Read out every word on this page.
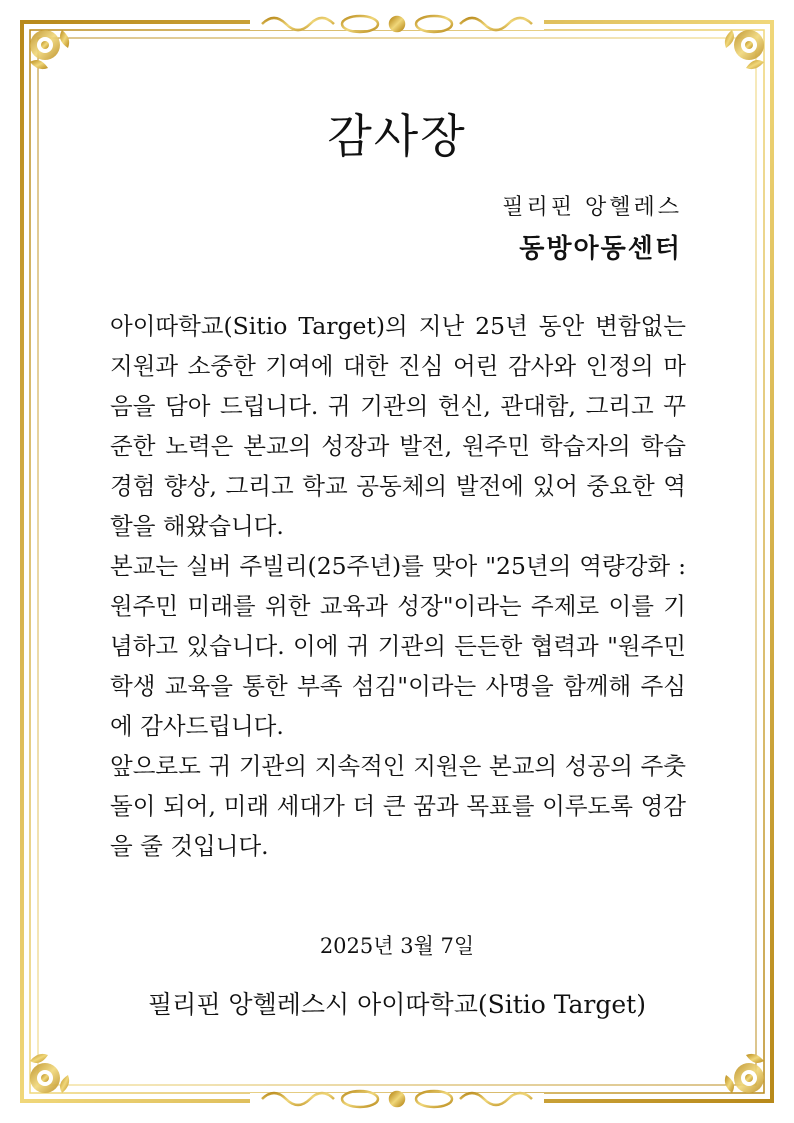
감사장
필리핀 앙헬레스
동방아동센터

아이따학교(Sitio Target)의 지난 25년 동안 변함없는 지원과 소중한 기여에 대한 진심 어린 감사와 인정의 마음을 담아 드립니다. 귀 기관의 헌신, 관대함, 그리고 꾸준한 노력은 본교의 성장과 발전, 원주민 학습자의 학습 경험 향상, 그리고 학교 공동체의 발전에 있어 중요한 역할을 해왔습니다.

본교는 실버 주빌리(25주년)를 맞아 "25년의 역량강화 : 원주민 미래를 위한 교육과 성장"이라는 주제로 이를 기념하고 있습니다. 이에 귀 기관의 든든한 협력과 "원주민 학생 교육을 통한 부족 섬김"이라는 사명을 함께해 주심에 감사드립니다.

앞으로도 귀 기관의 지속적인 지원은 본교의 성공의 주춧돌이 되어, 미래 세대가 더 큰 꿈과 목표를 이루도록 영감을 줄 것입니다.

2025년 3월 7일
필리핀 앙헬레스시 아이따학교(Sitio Target)
